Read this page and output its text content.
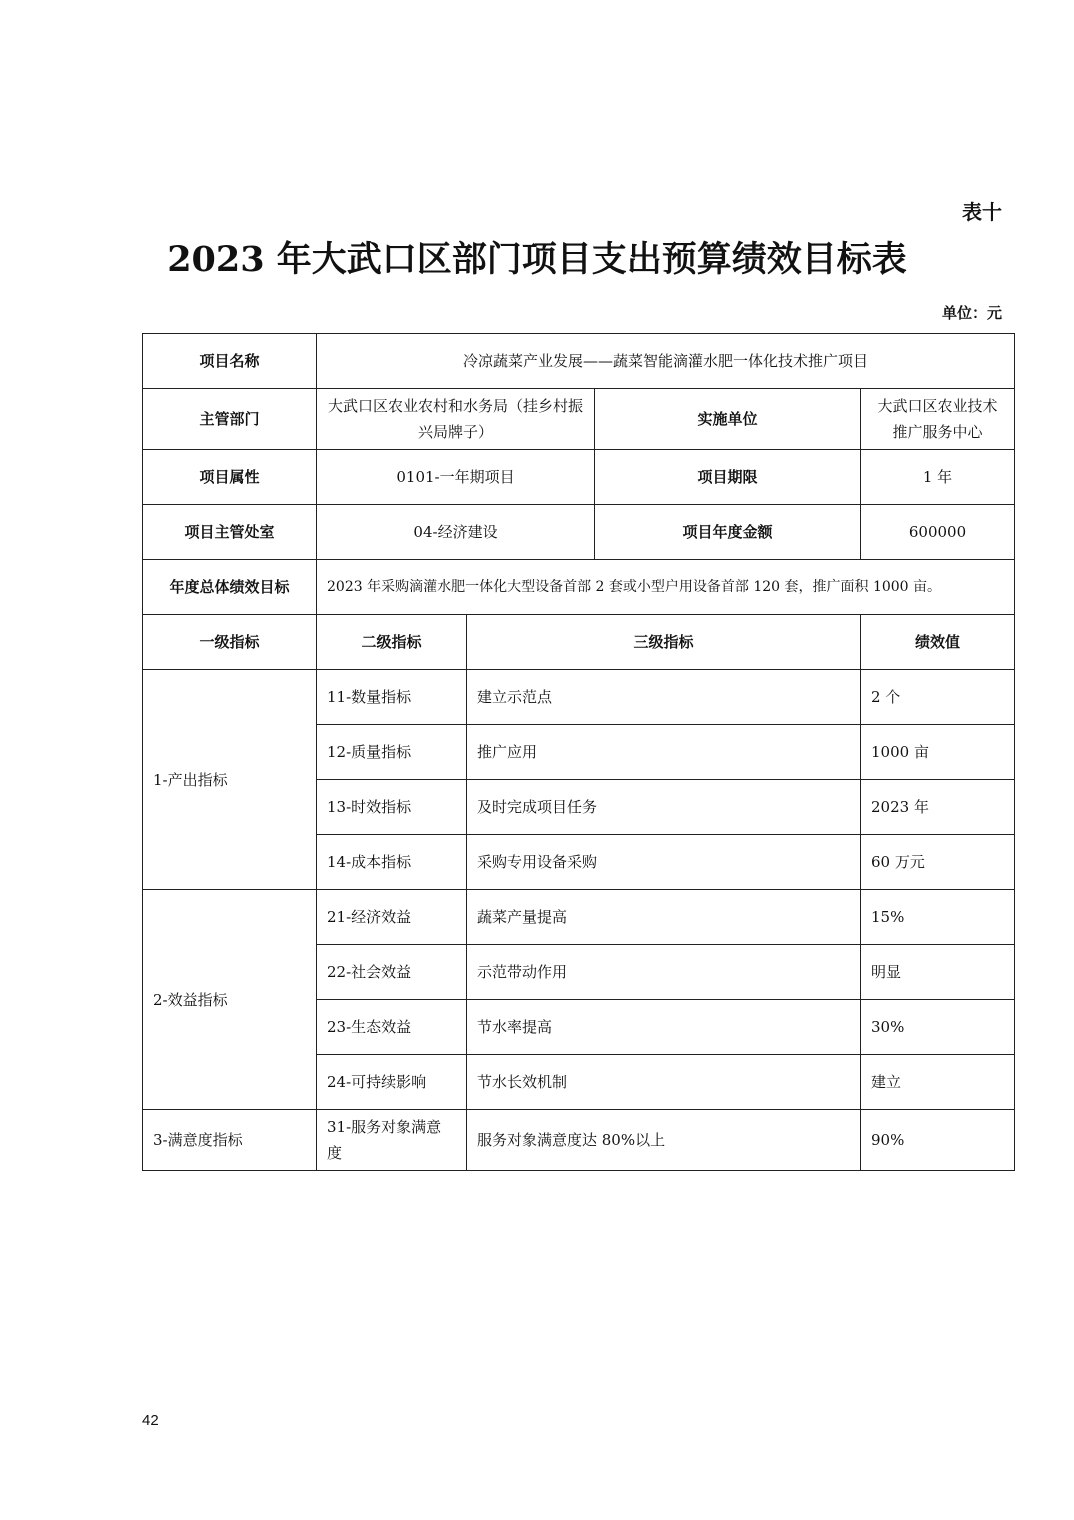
表十
2023 年大武口区部门项目支出预算绩效目标表
单位：元
项目名称	冷凉蔬菜产业发展——蔬菜智能滴灌水肥一体化技术推广项目			
主管部门	大武口区农业农村和水务局（挂乡村振兴局牌子）		实施单位	大武口区农业技术推广服务中心
项目属性	0101-一年期项目		项目期限	1 年
项目主管处室	04-经济建设		项目年度金额	600000
年度总体绩效目标	2023 年采购滴灌水肥一体化大型设备首部 2 套或小型户用设备首部 120 套，推广面积 1000 亩。			
一级指标	二级指标	三级指标		绩效值
1-产出指标	11-数量指标	建立示范点		2 个
	12-质量指标	推广应用		1000 亩
	13-时效指标	及时完成项目任务		2023 年
	14-成本指标	采购专用设备采购		60 万元
2-效益指标	21-经济效益	蔬菜产量提高		15%
	22-社会效益	示范带动作用		明显
	23-生态效益	节水率提高		30%
	24-可持续影响	节水长效机制		建立
3-满意度指标	31-服务对象满意度	服务对象满意度达 80%以上		90%
42
